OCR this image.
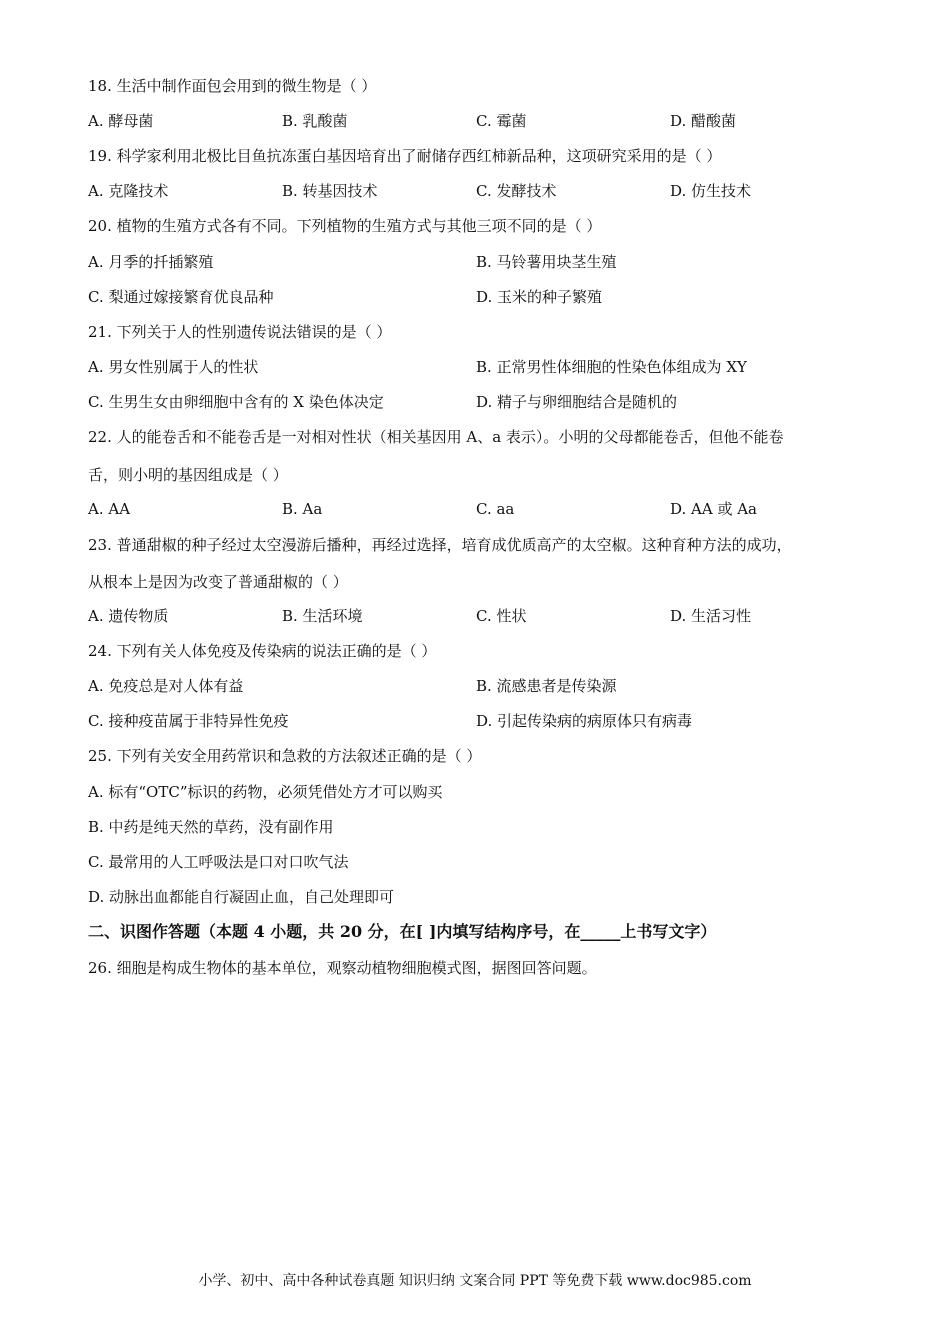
18. 生活中制作面包会用到的微生物是（ ）
A. 酵母菌	B. 乳酸菌	C. 霉菌	D. 醋酸菌
19. 科学家利用北极比目鱼抗冻蛋白基因培育出了耐储存西红柿新品种，这项研究采用的是（ ）
A. 克隆技术	B. 转基因技术	C. 发酵技术	D. 仿生技术
20. 植物的生殖方式各有不同。下列植物的生殖方式与其他三项不同的是（ ）
A. 月季的扦插繁殖	B. 马铃薯用块茎生殖
C. 梨通过嫁接繁育优良品种	D. 玉米的种子繁殖
21. 下列关于人的性别遗传说法错误的是（ ）
A. 男女性别属于人的性状	B. 正常男性体细胞的性染色体组成为 XY
C. 生男生女由卵细胞中含有的 X 染色体决定	D. 精子与卵细胞结合是随机的
22. 人的能卷舌和不能卷舌是一对相对性状（相关基因用 A、a 表示）。小明的父母都能卷舌，但他不能卷
舌，则小明的基因组成是（ ）
A. AA	B. Aa	C. aa	D. AA 或 Aa
23. 普通甜椒的种子经过太空漫游后播种，再经过选择，培育成优质高产的太空椒。这种育种方法的成功，
从根本上是因为改变了普通甜椒的（ ）
A. 遗传物质	B. 生活环境	C. 性状	D. 生活习性
24. 下列有关人体免疫及传染病的说法正确的是（ ）
A. 免疫总是对人体有益	B. 流感患者是传染源
C. 接种疫苗属于非特异性免疫	D. 引起传染病的病原体只有病毒
25. 下列有关安全用药常识和急救的方法叙述正确的是（ ）
A. 标有“OTC”标识的药物，必须凭借处方才可以购买
B. 中药是纯天然的草药，没有副作用
C. 最常用的人工呼吸法是口对口吹气法
D. 动脉出血都能自行凝固止血，自己处理即可
二、识图作答题（本题 4 小题，共 20 分，在[ ]内填写结构序号，在_____上书写文字）
26. 细胞是构成生物体的基本单位，观察动植物细胞模式图，据图回答问题。
小学、初中、高中各种试卷真题 知识归纳 文案合同 PPT 等免费下载 www.doc985.com
